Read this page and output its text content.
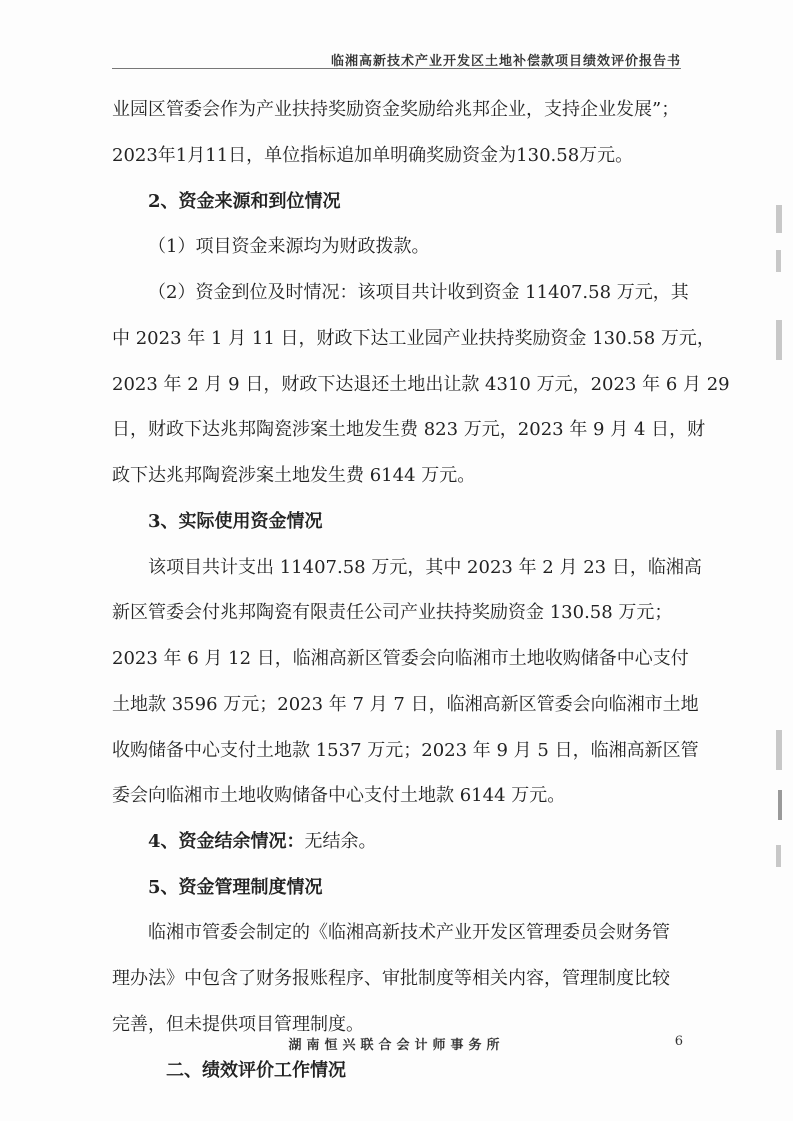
临湘高新技术产业开发区土地补偿款项目绩效评价报告书
业园区管委会作为产业扶持奖励资金奖励给兆邦企业，支持企业发展”；
2023年1月11日，单位指标追加单明确奖励资金为130.58万元。
2、资金来源和到位情况
（1）项目资金来源均为财政拨款。
（2）资金到位及时情况：该项目共计收到资金 11407.58 万元，其
中 2023 年 1 月 11 日，财政下达工业园产业扶持奖励资金 130.58 万元，
2023 年 2 月 9 日，财政下达退还土地出让款 4310 万元，2023 年 6 月 29
日，财政下达兆邦陶瓷涉案土地发生费 823 万元，2023 年 9 月 4 日，财
政下达兆邦陶瓷涉案土地发生费 6144 万元。
3、实际使用资金情况
该项目共计支出 11407.58 万元，其中 2023 年 2 月 23 日，临湘高
新区管委会付兆邦陶瓷有限责任公司产业扶持奖励资金 130.58 万元；
2023 年 6 月 12 日，临湘高新区管委会向临湘市土地收购储备中心支付
土地款 3596 万元；2023 年 7 月 7 日，临湘高新区管委会向临湘市土地
收购储备中心支付土地款 1537 万元；2023 年 9 月 5 日，临湘高新区管
委会向临湘市土地收购储备中心支付土地款 6144 万元。
4、资金结余情况：无结余。
5、资金管理制度情况
临湘市管委会制定的《临湘高新技术产业开发区管理委员会财务管
理办法》中包含了财务报账程序、审批制度等相关内容，管理制度比较
完善，但未提供项目管理制度。
二、绩效评价工作情况
湖南恒兴联合会计师事务所	6
